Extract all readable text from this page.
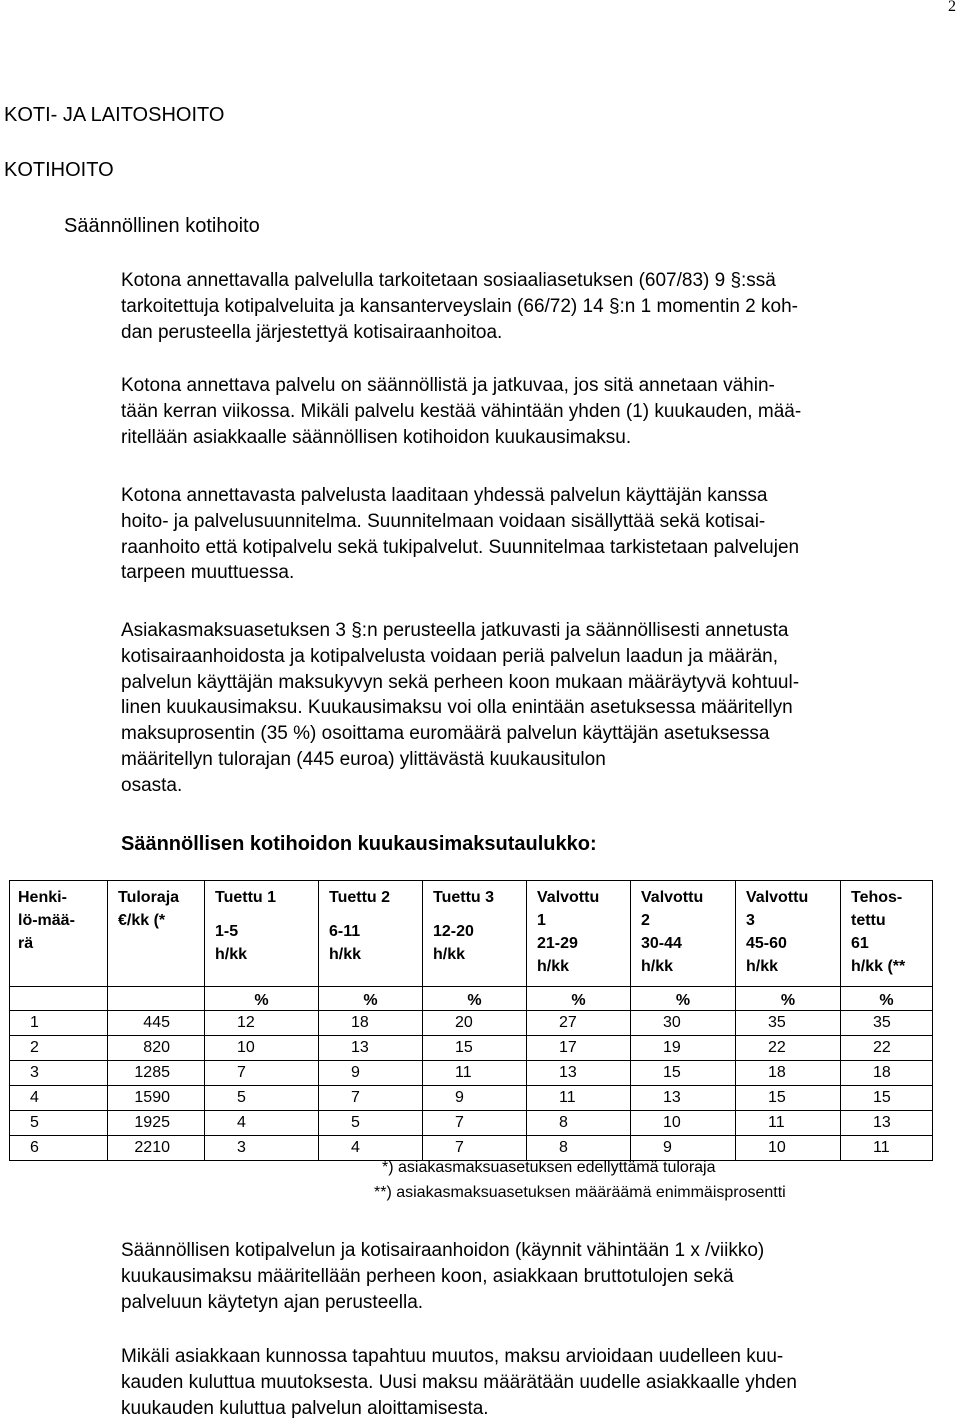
2
KOTI- JA LAITOSHOITO
KOTIHOITO
Säännöllinen kotihoito
Kotona annettavalla palvelulla tarkoitetaan sosiaaliasetuksen (607/83) 9 §:ssä
tarkoitettuja kotipalveluita ja kansanterveyslain (66/72) 14 §:n 1 momentin 2 koh-
dan perusteella järjestettyä kotisairaanhoitoa.
Kotona annettava palvelu on säännöllistä ja jatkuvaa, jos sitä annetaan vähin-
tään kerran viikossa. Mikäli palvelu kestää vähintään yhden (1) kuukauden, mää-
ritellään asiakkaalle säännöllisen kotihoidon kuukausimaksu.
Kotona annettavasta palvelusta laaditaan yhdessä palvelun käyttäjän kanssa
hoito- ja palvelusuunnitelma. Suunnitelmaan voidaan sisällyttää sekä kotisai-
raanhoito että kotipalvelu sekä tukipalvelut. Suunnitelmaa tarkistetaan palvelujen
tarpeen muuttuessa.
Asiakasmaksuasetuksen 3 §:n perusteella jatkuvasti ja säännöllisesti annetusta
kotisairaanhoidosta ja kotipalvelusta voidaan periä palvelun laadun ja määrän,
palvelun käyttäjän maksukyvyn sekä perheen koon mukaan määräytyvä kohtuul-
linen kuukausimaksu. Kuukausimaksu voi olla enintään asetuksessa määritellyn
maksuprosentin (35 %) osoittama euromäärä palvelun käyttäjän asetuksessa
määritellyn tulorajan (445 euroa) ylittävästä kuukausitulon
osasta.
Säännöllisen kotihoidon kuukausimaksutaulukko:
Henki-
lö-mää-
rä	Tuloraja
€/kk (*	Tuettu 1
1-5
h/kk	Tuettu 2
6-11
h/kk	Tuettu 3
12-20
h/kk	Valvottu
1
21-29
h/kk	Valvottu
2
30-44
h/kk	Valvottu
3
45-60
h/kk	Tehos-
tettu
61
h/kk (**

		%	%	%	%	%	%	%
1	445	12	18	20	27	30	35	35
2	820	10	13	15	17	19	22	22
3	1285	7	9	11	13	15	18	18
4	1590	5	7	9	11	13	15	15
5	1925	4	5	7	8	10	11	13
6	2210	3	4	7	8	9	10	11
*) asiakasmaksuasetuksen edellyttämä tuloraja
**) asiakasmaksuasetuksen määräämä enimmäisprosentti
Säännöllisen kotipalvelun ja kotisairaanhoidon (käynnit vähintään 1 x /viikko)
kuukausimaksu määritellään perheen koon, asiakkaan bruttotulojen sekä
palveluun käytetyn ajan perusteella.
Mikäli asiakkaan kunnossa tapahtuu muutos, maksu arvioidaan uudelleen kuu-
kauden kuluttua muutoksesta. Uusi maksu määrätään uudelle asiakkaalle yhden
kuukauden kuluttua palvelun aloittamisesta.
